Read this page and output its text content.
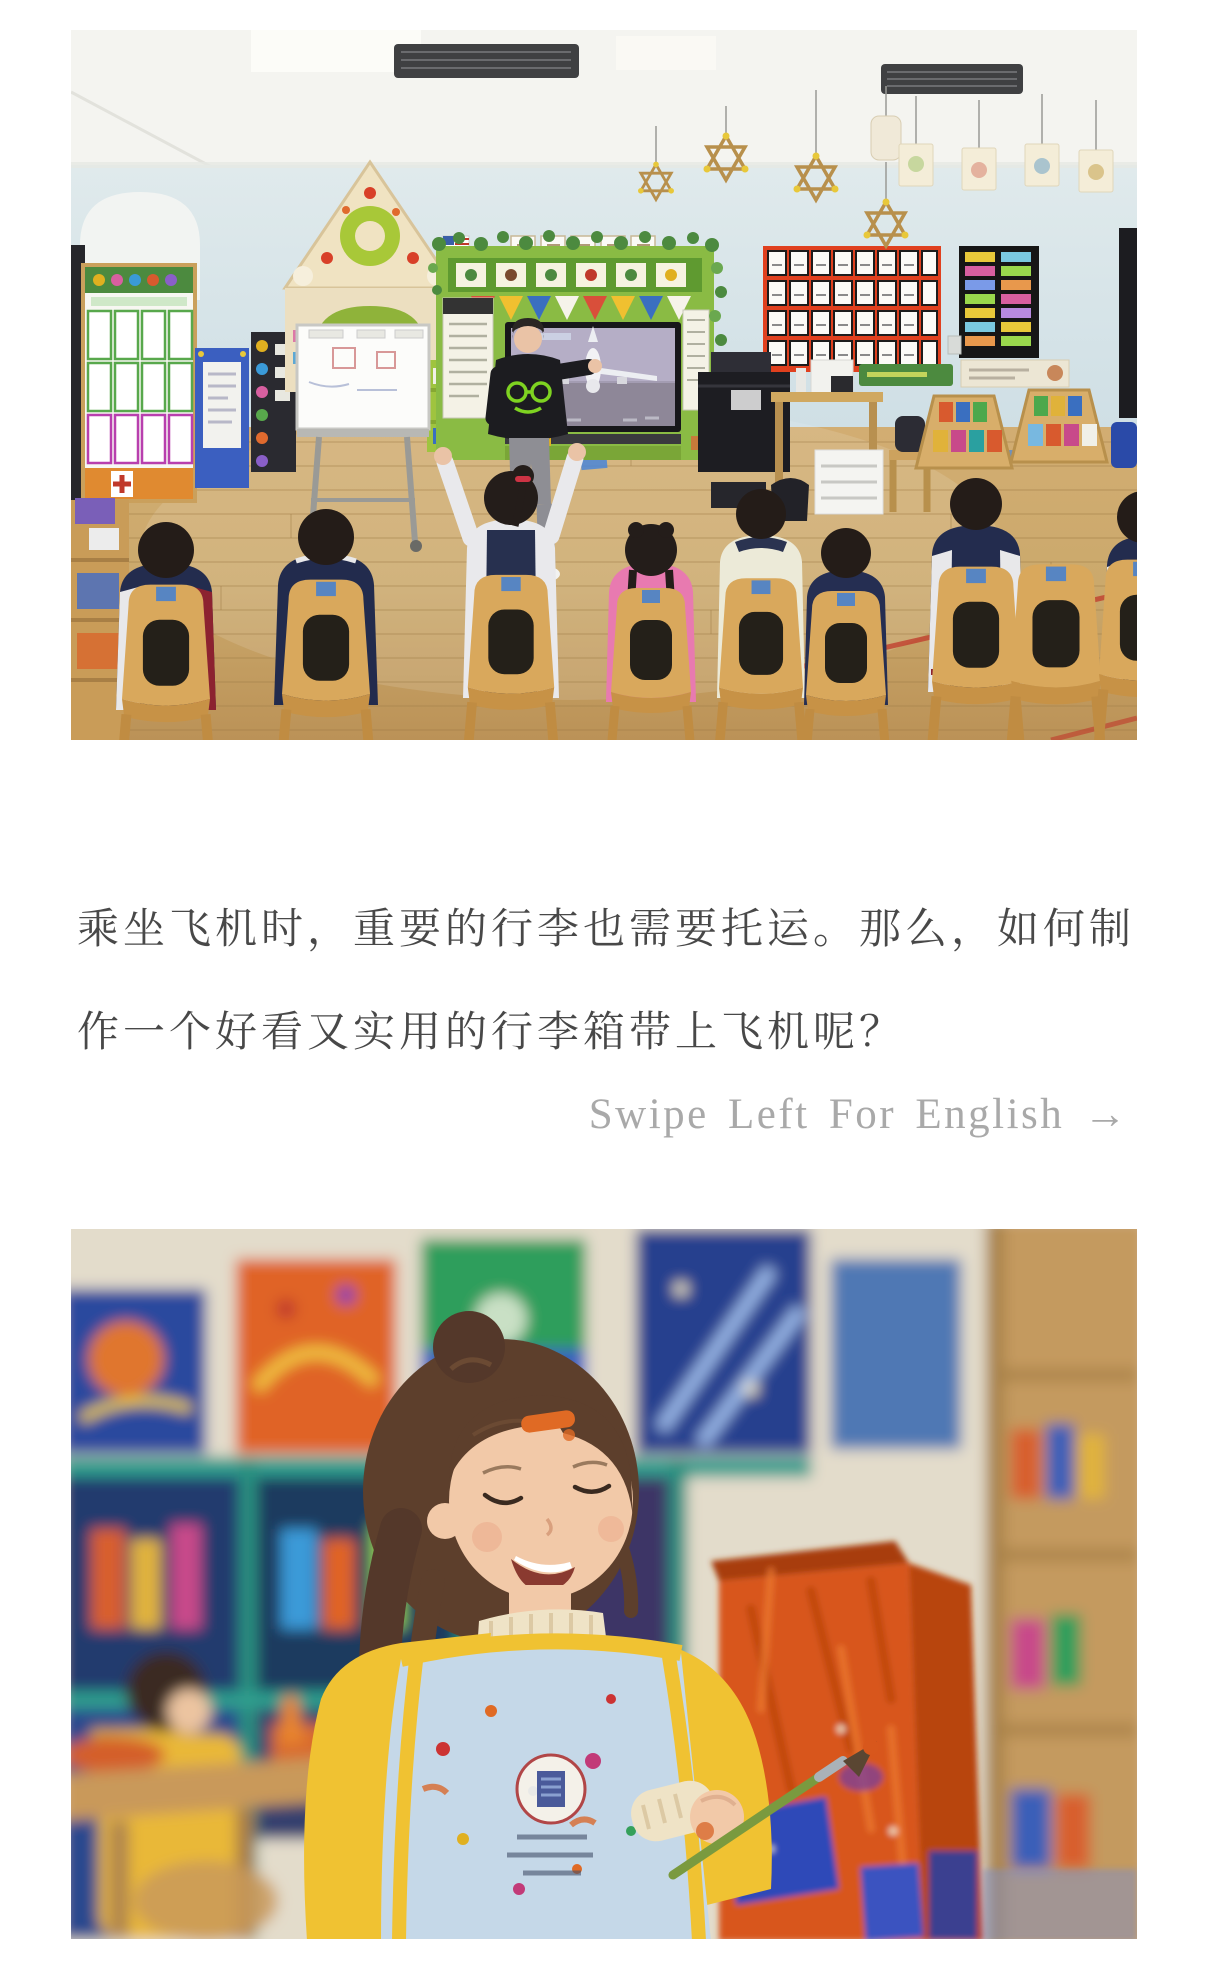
乘坐飞机时，重要的行李也需要托运。那么，如何制
作一个好看又实用的行李箱带上飞机呢？

Swipe Left For English →
